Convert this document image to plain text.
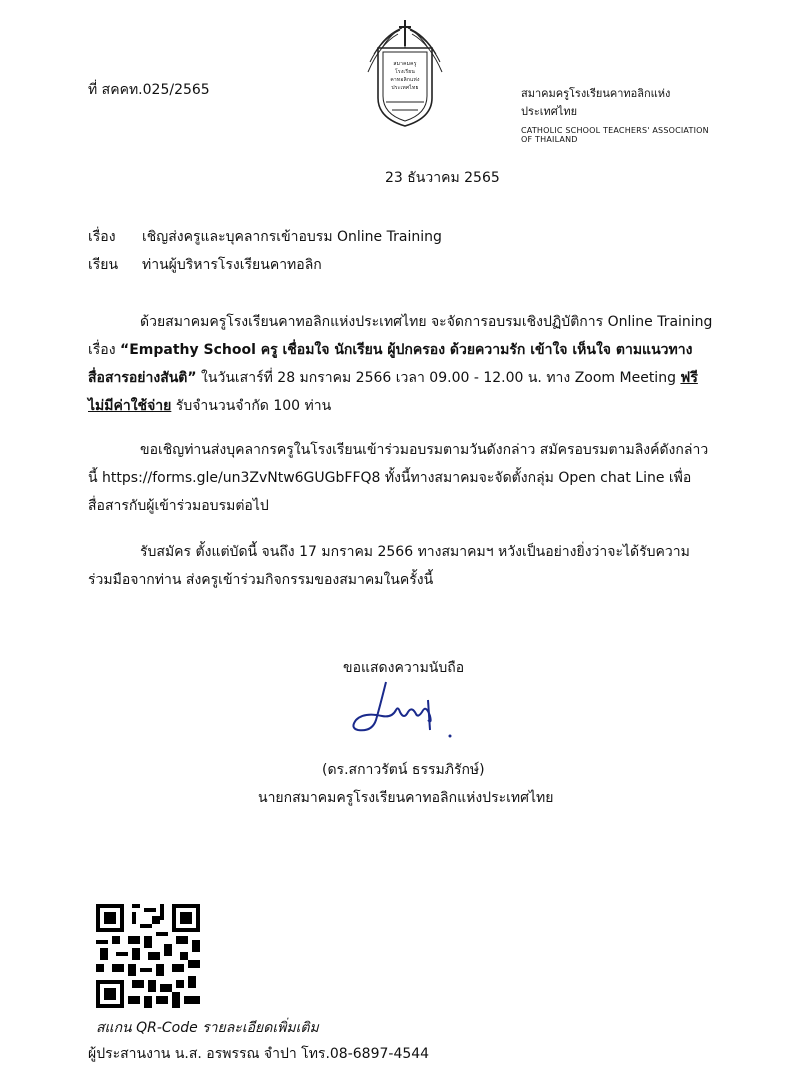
สมาคมครูโรงเรียนคาทอลิกแห่งประเทศไทย
ที่ สคคท.025/2565	สมาคมครูโรงเรียนคาทอลิกแห่งประเทศไทย
CATHOLIC SCHOOL TEACHERS' ASSOCIATION OF THAILAND
23 ธันวาคม 2565
เรื่อง เชิญส่งครูและบุคลากรเข้าอบรม Online Training
เรียน ท่านผู้บริหารโรงเรียนคาทอลิก
ด้วยสมาคมครูโรงเรียนคาทอลิกแห่งประเทศไทย จะจัดการอบรมเชิงปฏิบัติการ Online Training เรื่อง “Empathy School ครู เชื่อมใจ นักเรียน ผู้ปกครอง ด้วยความรัก เข้าใจ เห็นใจ ตามแนวทางสื่อสารอย่างสันติ” ในวันเสาร์ที่ 28 มกราคม 2566 เวลา 09.00 - 12.00 น. ทาง Zoom Meeting ฟรีไม่มีค่าใช้จ่าย รับจำนวนจำกัด 100 ท่าน
ขอเชิญท่านส่งบุคลากรครูในโรงเรียนเข้าร่วมอบรมตามวันดังกล่าว สมัครอบรมตามลิงค์ดังกล่าวนี้ https://forms.gle/un3ZvNtw6GUGbFFQ8 ทั้งนี้ทางสมาคมจะจัดตั้งกลุ่ม Open chat Line เพื่อสื่อสารกับผู้เข้าร่วมอบรมต่อไป
รับสมัคร ตั้งแต่บัดนี้ จนถึง 17 มกราคม 2566 ทางสมาคมฯ หวังเป็นอย่างยิ่งว่าจะได้รับความร่วมมือจากท่าน ส่งครูเข้าร่วมกิจกรรมของสมาคมในครั้งนี้
ขอแสดงความนับถือ
(ดร.สกาวรัตน์ ธรรมภิรักษ์)
นายกสมาคมครูโรงเรียนคาทอลิกแห่งประเทศไทย
สแกน QR-Code รายละเอียดเพิ่มเติม
ผู้ประสานงาน น.ส. อรพรรณ จำปา โทร.08-6897-4544
